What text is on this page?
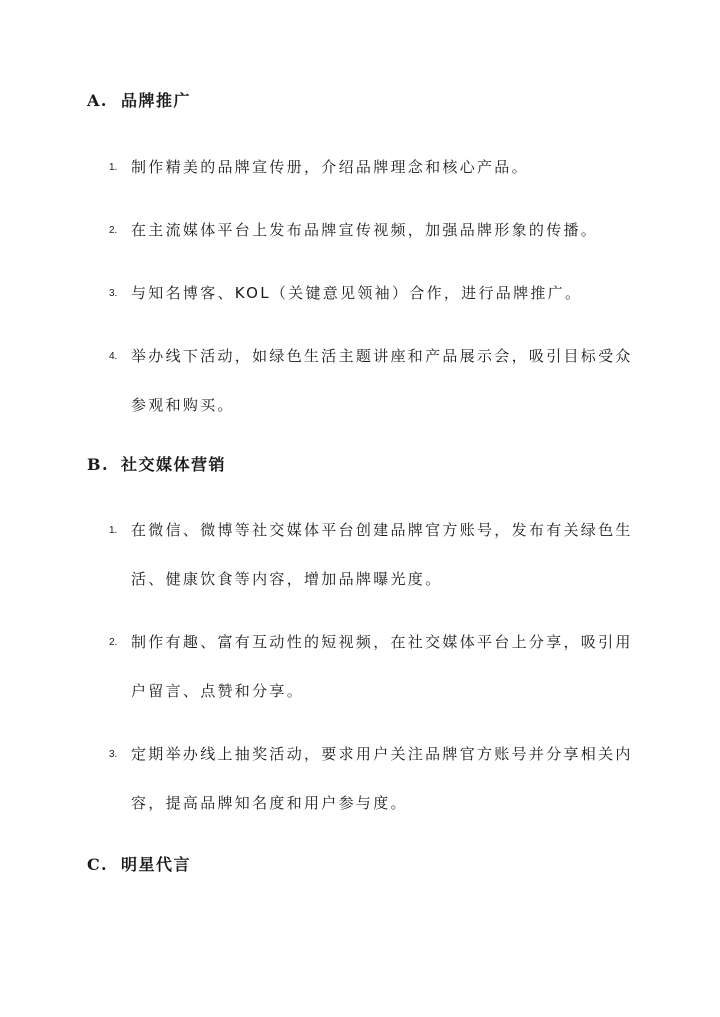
A. 品牌推广
1. 制作精美的品牌宣传册，介绍品牌理念和核心产品。
2. 在主流媒体平台上发布品牌宣传视频，加强品牌形象的传播。
3. 与知名博客、KOL（关键意见领袖）合作，进行品牌推广。
4. 举办线下活动，如绿色生活主题讲座和产品展示会，吸引目标受众参观和购买。
B. 社交媒体营销
1. 在微信、微博等社交媒体平台创建品牌官方账号，发布有关绿色生活、健康饮食等内容，增加品牌曝光度。
2. 制作有趣、富有互动性的短视频，在社交媒体平台上分享，吸引用户留言、点赞和分享。
3. 定期举办线上抽奖活动，要求用户关注品牌官方账号并分享相关内容，提高品牌知名度和用户参与度。
C. 明星代言
